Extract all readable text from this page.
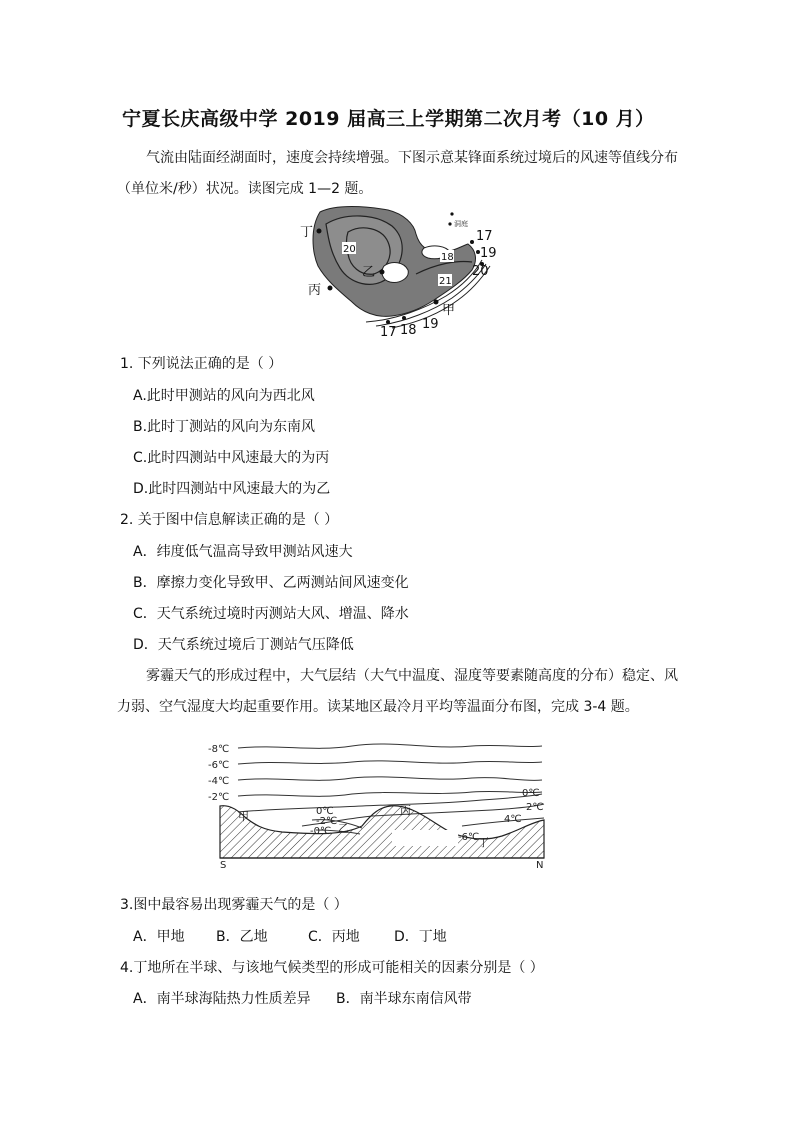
宁夏长庆高级中学 2019 届高三上学期第二次月考（10 月）
气流由陆面经湖面时，速度会持续增强。下图示意某锋面系统过境后的风速等值线分布
（单位米/秒）状况。读图完成 1—2 题。
丁
乙
丙
甲
20
18
21
17
19
20
17 18 19
洞庭
1. 下列说法正确的是（ ）
A.此时甲测站的风向为西北风
B.此时丁测站的风向为东南风
C.此时四测站中风速最大的为丙
D.此时四测站中风速最大的为乙
2. 关于图中信息解读正确的是（ ）
A．纬度低气温高导致甲测站风速大
B．摩擦力变化导致甲、乙两测站间风速变化
C．天气系统过境时丙测站大风、增温、降水
D．天气系统过境后丁测站气压降低
雾霾天气的形成过程中，大气层结（大气中温度、湿度等要素随高度的分布）稳定、风
力弱、空气湿度大均起重要作用。读某地区最冷月平均等温面分布图，完成 3-4 题。
-8℃
-6℃
-4℃
-2℃	0℃
2℃
4℃
0℃
-2℃
-0℃
-6℃
甲
乙
丙
丁
S	N
3.图中最容易出现雾霾天气的是（ ）
A．甲地 B．乙地	C．丙地 D．丁地
4.丁地所在半球、与该地气候类型的形成可能相关的因素分别是（ ）
A．南半球海陆热力性质差异 B．南半球东南信风带
